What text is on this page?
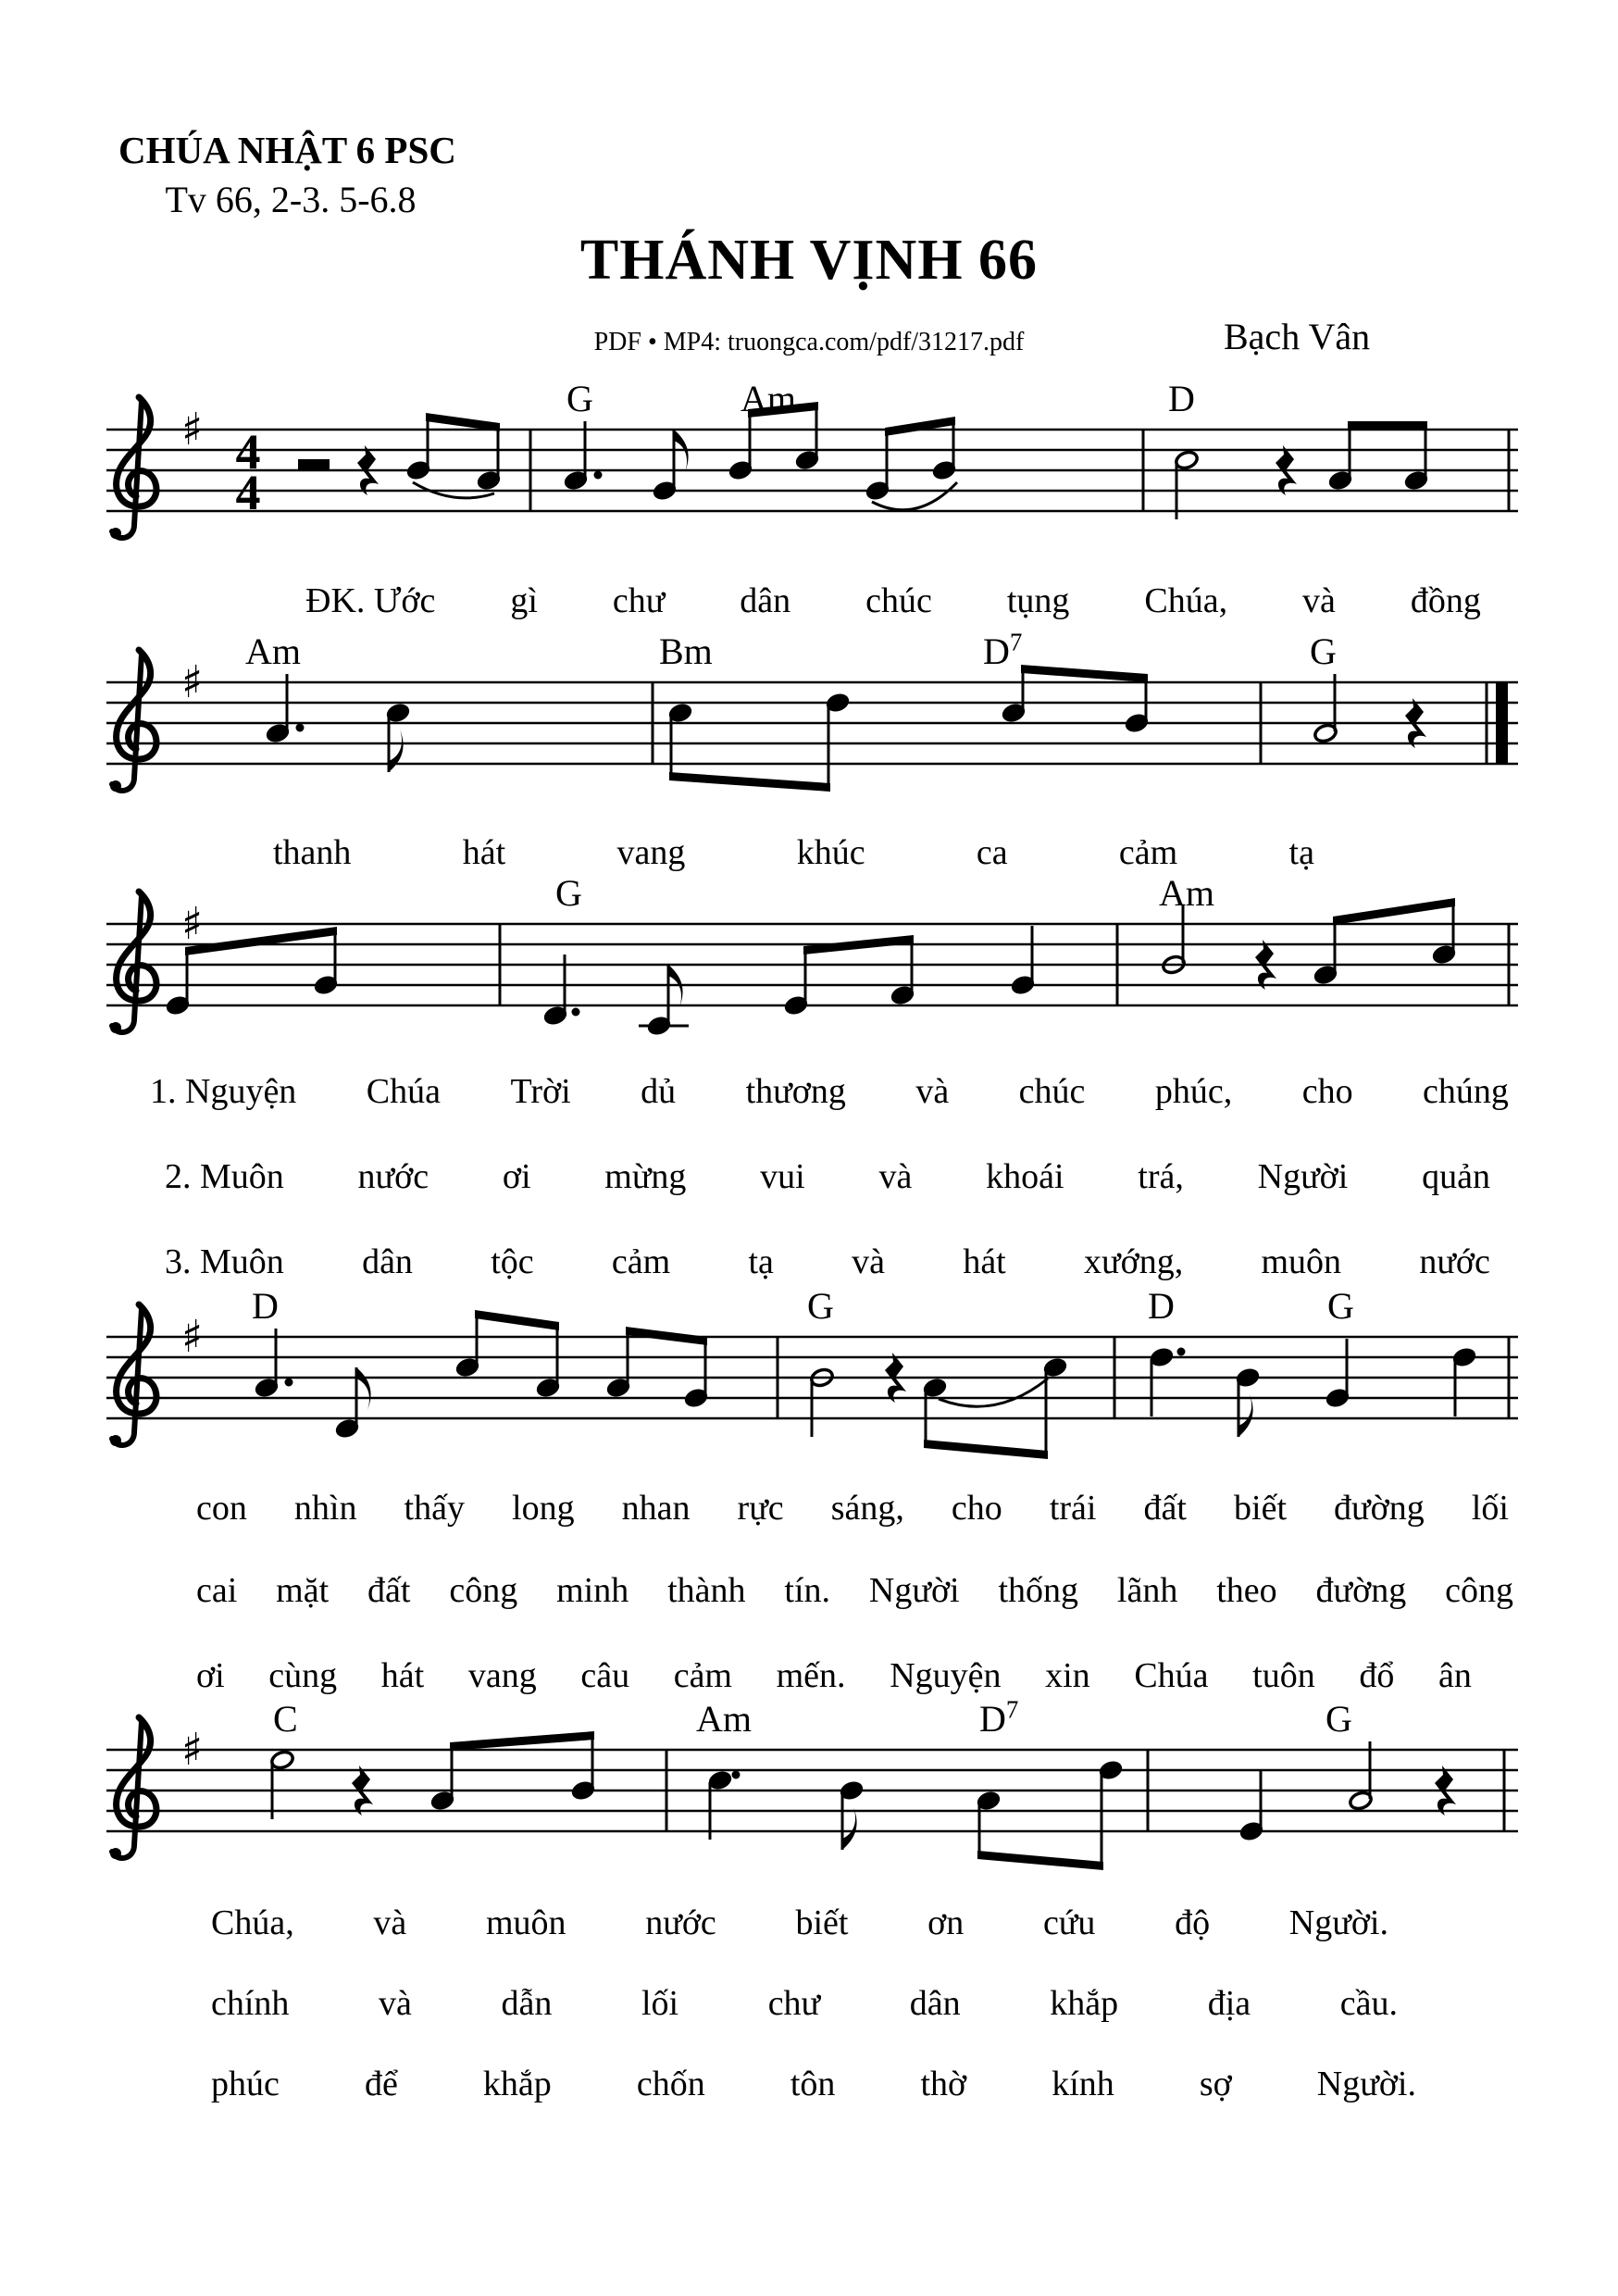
CHÚA NHẬT 6 PSC
Tv 66, 2-3. 5-6.8
THÁNH VỊNH 66
PDF • MP4: truongca.com/pdf/31217.pdf	Bạch Vân
G	Am	D
♯ 4
4
ĐK. Ước gì chư dân chúc tụng Chúa, và đồng
Am	Bm	$D^7$	G
♯
thanh	hát	vang	khúc	ca	cảm	tạ
G	Am
♯
1. Nguyện Chúa Trời dủ thương và chúc phúc, cho chúng
2. Muôn nước ơi mừng vui và khoái trá, Người quản
3. Muôn dân tộc cảm tạ và hát xướng, muôn nước
D	G	D	G
♯
con nhìn thấy long nhan rực sáng, cho trái đất biết đường lối
cai mặt đất công minh thành tín. Người thống lãnh theo đường công
ơi cùng hát vang câu cảm mến. Nguyện xin Chúa tuôn đổ ân
C	Am	$D^7$	G
♯
Chúa, và muôn nước biết ơn cứu độ Người.
chính	và	dẫn	lối	chư	dân	khắp	địa	cầu.
phúc để khắp chốn tôn thờ kính sợ Người.
